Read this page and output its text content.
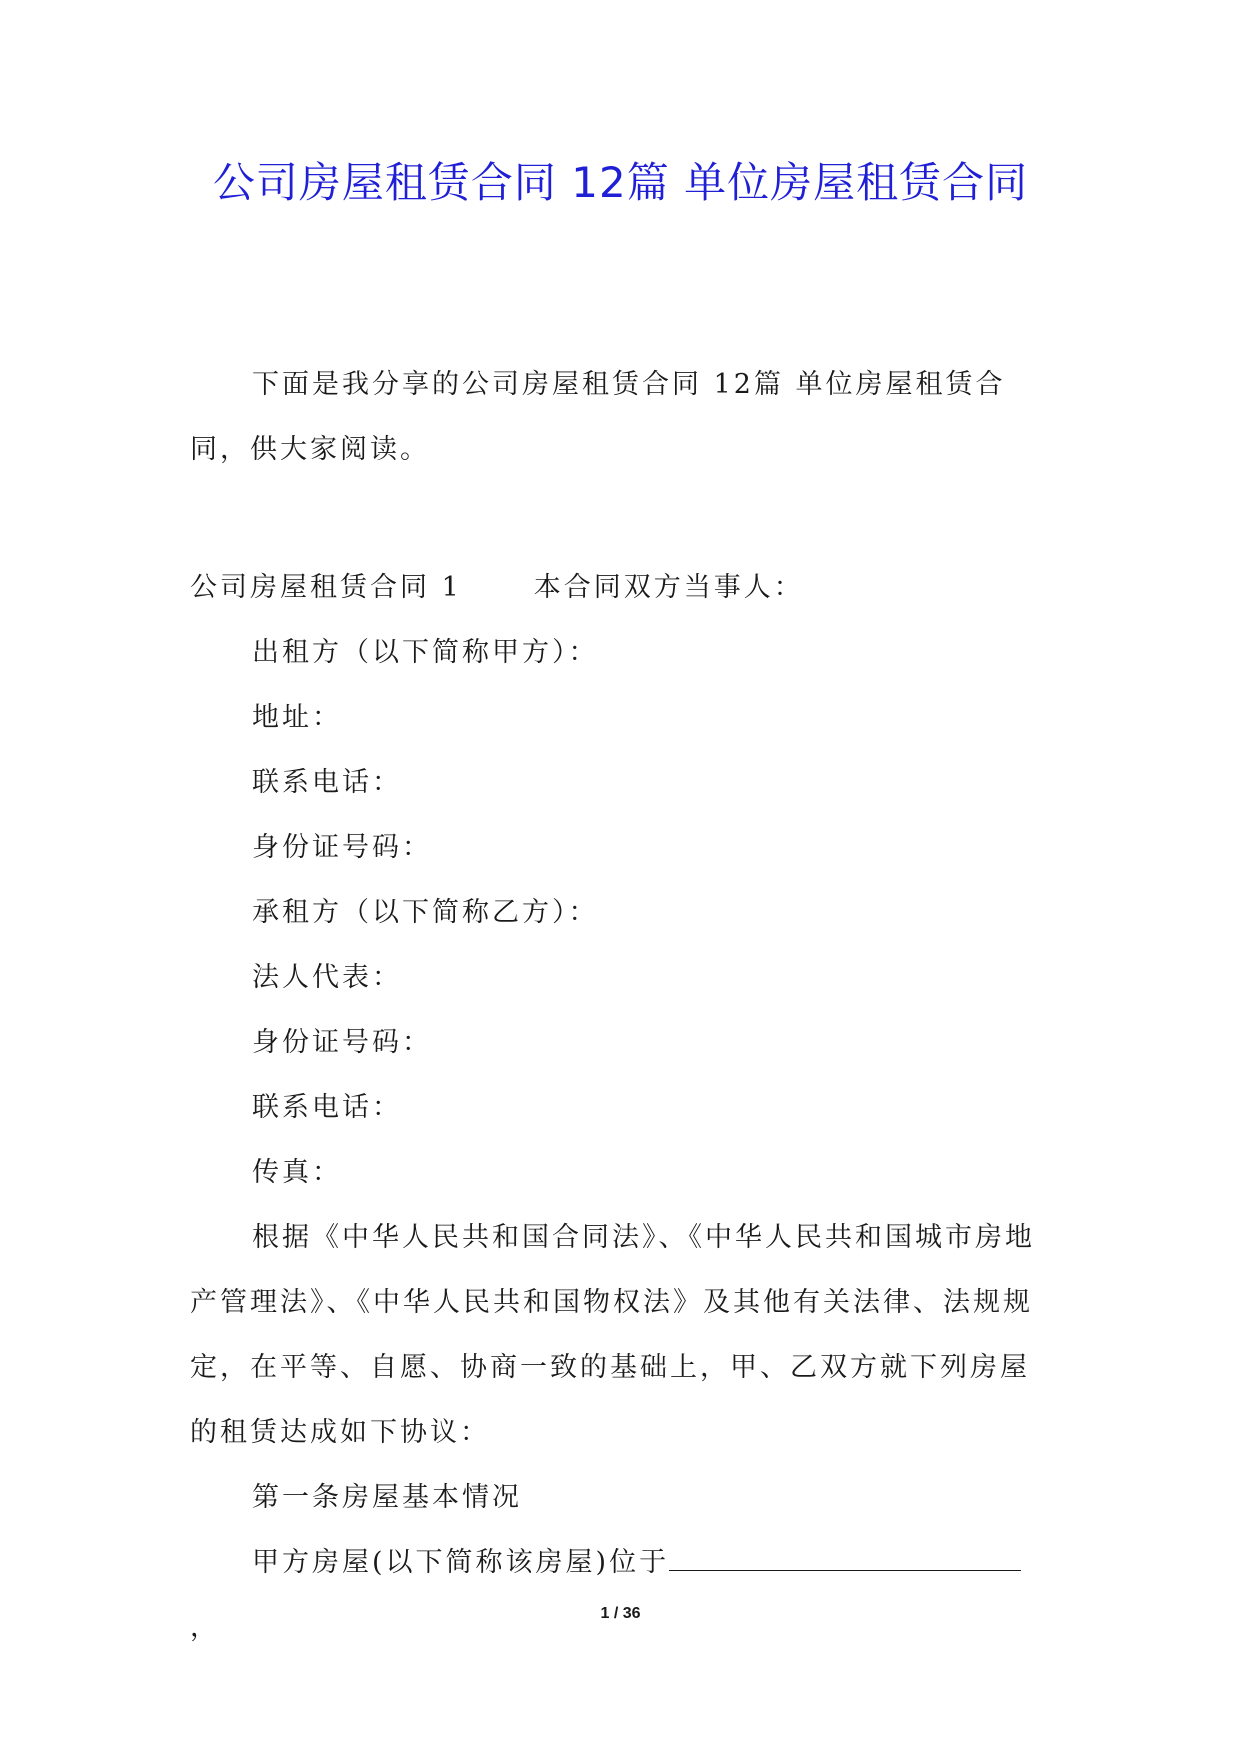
公司房屋租赁合同 12篇 单位房屋租赁合同

下面是我分享的公司房屋租赁合同 12篇 单位房屋租赁合同，供大家阅读。

公司房屋租赁合同 1	本合同双方当事人：

出租方（以下简称甲方）：

地址：

联系电话：

身份证号码：

承租方（以下简称乙方）：

法人代表：

身份证号码：

联系电话：

传真：

根据《中华人民共和国合同法》、《中华人民共和国城市房地产管理法》、《中华人民共和国物权法》及其他有关法律、法规规定，在平等、自愿、协商一致的基础上，甲、乙双方就下列房屋的租赁达成如下协议：

第一条房屋基本情况

甲方房屋(以下简称该房屋)位于，	1 / 36
